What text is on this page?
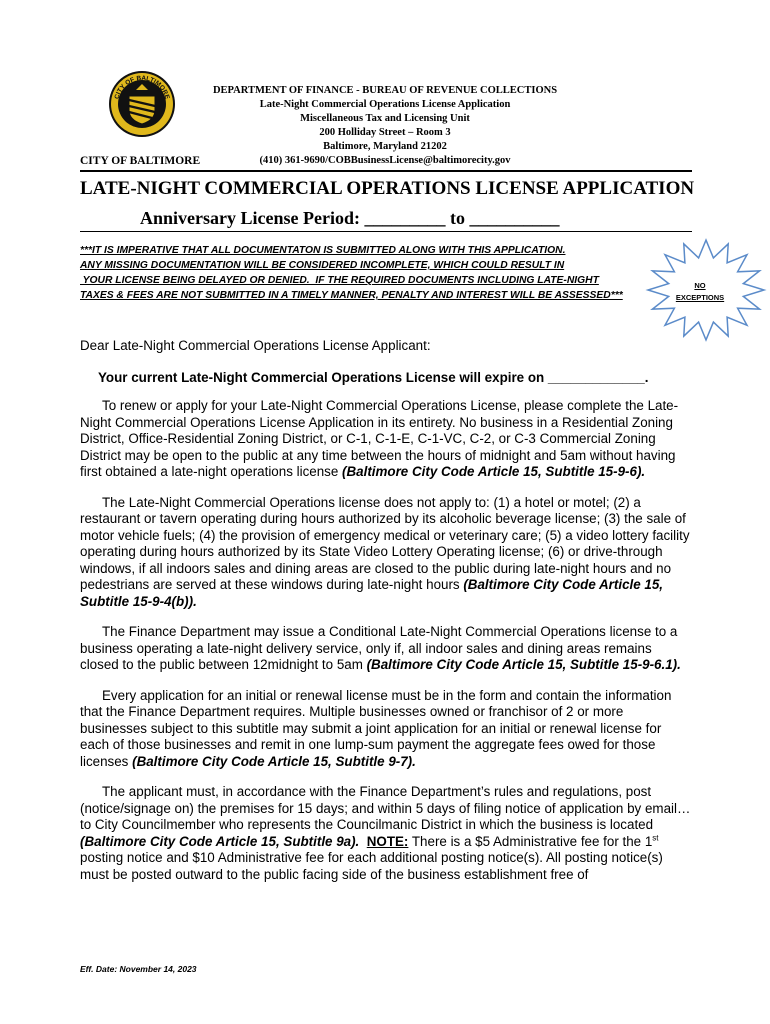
CITY OF BALTIMORE
CITY OF BALTIMORE
DEPARTMENT OF FINANCE - BUREAU OF REVENUE COLLECTIONS
Late-Night Commercial Operations License Application
Miscellaneous Tax and Licensing Unit
200 Holliday Street – Room 3
Baltimore, Maryland 21202
(410) 361-9690/COBBusinessLicense@baltimorecity.gov
LATE-NIGHT COMMERCIAL OPERATIONS LICENSE APPLICATION
Anniversary License Period: _________ to __________
***IT IS IMPERATIVE THAT ALL DOCUMENTATON IS SUBMITTED ALONG WITH THIS APPLICATION.
ANY MISSING DOCUMENTATION WILL BE CONSIDERED INCOMPLETE, WHICH COULD RESULT IN
YOUR LICENSE BEING DELAYED OR DENIED.  IF THE REQUIRED DOCUMENTS INCLUDING LATE-NIGHT
TAXES & FEES ARE NOT SUBMITTED IN A TIMELY MANNER, PENALTY AND INTEREST WILL BE ASSESSED***
NO
EXCEPTIONS
Dear Late-Night Commercial Operations License Applicant:
Your current Late-Night Commercial Operations License will expire on _____________.

To renew or apply for your Late-Night Commercial Operations License, please complete the Late-Night Commercial Operations License Application in its entirety. No business in a Residential Zoning District, Office-Residential Zoning District, or C-1, C-1-E, C-1-VC, C-2, or C-3 Commercial Zoning District may be open to the public at any time between the hours of midnight and 5am without having first obtained a late-night operations license (Baltimore City Code Article 15, Subtitle 15-9-6).

The Late-Night Commercial Operations license does not apply to: (1) a hotel or motel; (2) a restaurant or tavern operating during hours authorized by its alcoholic beverage license; (3) the sale of motor vehicle fuels; (4) the provision of emergency medical or veterinary care; (5) a video lottery facility operating during hours authorized by its State Video Lottery Operating license; (6) or drive-through windows, if all indoors sales and dining areas are closed to the public during late-night hours and no pedestrians are served at these windows during late-night hours (Baltimore City Code Article 15, Subtitle 15-9-4(b)).

The Finance Department may issue a Conditional Late-Night Commercial Operations license to a business operating a late-night delivery service, only if, all indoor sales and dining areas remains closed to the public between 12midnight to 5am (Baltimore City Code Article 15, Subtitle 15-9-6.1).

Every application for an initial or renewal license must be in the form and contain the information that the Finance Department requires. Multiple businesses owned or franchisor of 2 or more businesses subject to this subtitle may submit a joint application for an initial or renewal license for each of those businesses and remit in one lump-sum payment the aggregate fees owed for those licenses (Baltimore City Code Article 15, Subtitle 9-7).

The applicant must, in accordance with the Finance Department’s rules and regulations, post (notice/signage on) the premises for 15 days; and within 5 days of filing notice of application by email…to City Councilmember who represents the Councilmanic District in which the business is located (Baltimore City Code Article 15, Subtitle 9a). NOTE: There is a $5 Administrative fee for the 1st posting notice and $10 Administrative fee for each additional posting notice(s). All posting notice(s) must be posted outward to the public facing side of the business establishment free of

Eff. Date: November 14, 2023
